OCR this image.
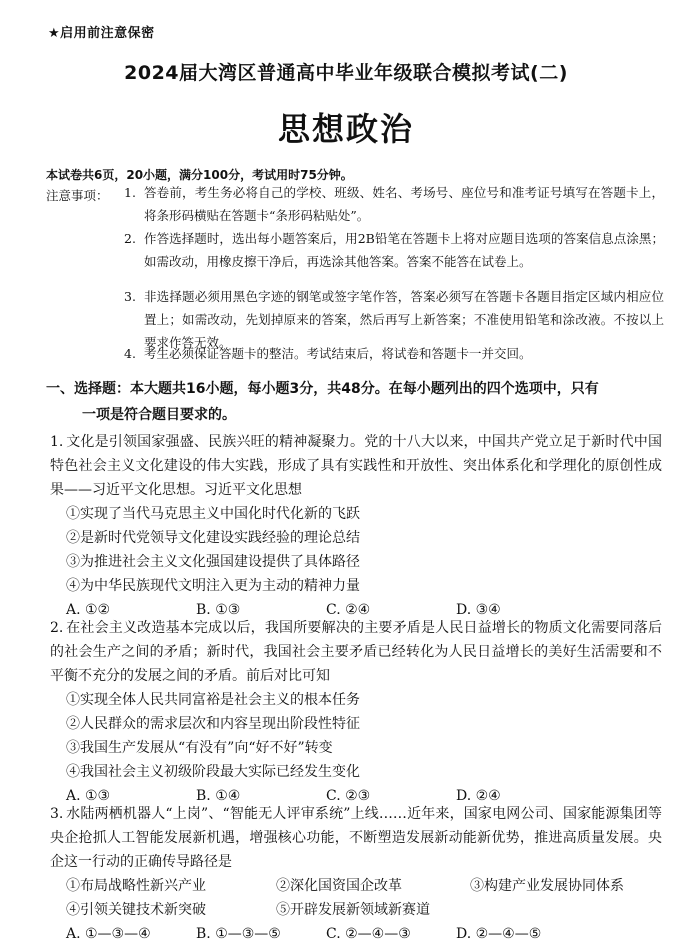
★启用前注意保密
2024届大湾区普通高中毕业年级联合模拟考试(二)
思想政治
本试卷共6页，20小题，满分100分，考试用时75分钟。
注意事项： 1. 答卷前，考生务必将自己的学校、班级、姓名、考场号、座位号和准考证号填写在答题卡上，将条形码横贴在答题卡“条形码粘贴处”。
2. 作答选择题时，选出每小题答案后，用2B铅笔在答题卡上将对应题目选项的答案信息点涂黑；如需改动，用橡皮擦干净后，再选涂其他答案。答案不能答在试卷上。
3. 非选择题必须用黑色字迹的钢笔或签字笔作答，答案必须写在答题卡各题目指定区域内相应位置上；如需改动，先划掉原来的答案，然后再写上新答案；不准使用铅笔和涂改液。不按以上要求作答无效。
4. 考生必须保证答题卡的整洁。考试结束后，将试卷和答题卡一并交回。
一、选择题：本大题共16小题，每小题3分，共48分。在每小题列出的四个选项中，只有
一项是符合题目要求的。
1. 文化是引领国家强盛、民族兴旺的精神凝聚力。党的十八大以来，中国共产党立足于新时代中国特色社会主义文化建设的伟大实践，形成了具有实践性和开放性、突出体系化和学理化的原创性成果——习近平文化思想。习近平文化思想
①实现了当代马克思主义中国化时代化新的飞跃
②是新时代党领导文化建设实践经验的理论总结
③为推进社会主义文化强国建设提供了具体路径
④为中华民族现代文明注入更为主动的精神力量
A. ①②	B. ①③	C. ②④	D. ③④
2. 在社会主义改造基本完成以后，我国所要解决的主要矛盾是人民日益增长的物质文化需要同落后的社会生产之间的矛盾；新时代，我国社会主要矛盾已经转化为人民日益增长的美好生活需要和不平衡不充分的发展之间的矛盾。前后对比可知
①实现全体人民共同富裕是社会主义的根本任务
②人民群众的需求层次和内容呈现出阶段性特征
③我国生产发展从“有没有”向“好不好”转变
④我国社会主义初级阶段最大实际已经发生变化
A. ①③	B. ①④	C. ②③	D. ②④
3. 水陆两栖机器人“上岗”、“智能无人评审系统”上线……近年来，国家电网公司、国家能源集团等央企抢抓人工智能发展新机遇，增强核心功能，不断塑造发展新动能新优势，推进高质量发展。央企这一行动的正确传导路径是
①布局战略性新兴产业	②深化国资国企改革	③构建产业发展协同体系
④引领关键技术新突破	⑤开辟发展新领域新赛道
A. ①—③—④	B. ①—③—⑤	C. ②—④—③	D. ②—④—⑤
